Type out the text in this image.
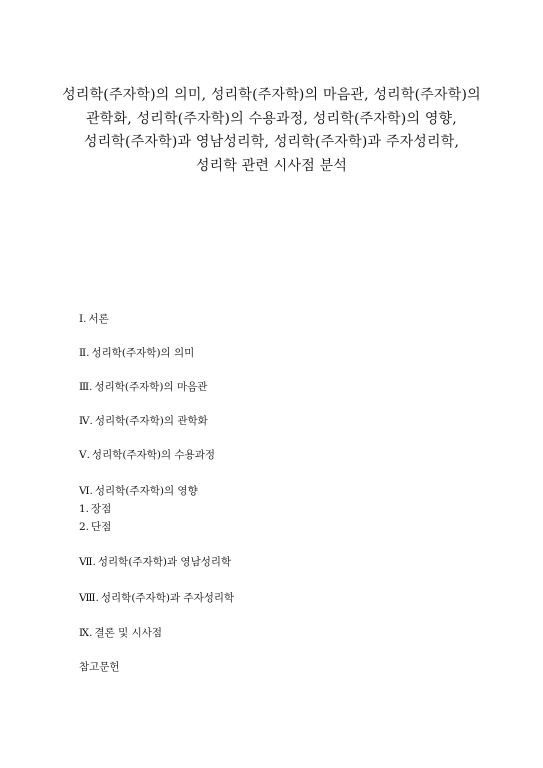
성리학(주자학)의 의미, 성리학(주자학)의 마음관, 성리학(주자학)의
관학화, 성리학(주자학)의 수용과정, 성리학(주자학)의 영향,
성리학(주자학)과 영남성리학, 성리학(주자학)과 주자성리학,
성리학 관련 시사점 분석
Ⅰ. 서론
Ⅱ. 성리학(주자학)의 의미
Ⅲ. 성리학(주자학)의 마음관
Ⅳ. 성리학(주자학)의 관학화
Ⅴ. 성리학(주자학)의 수용과정
Ⅵ. 성리학(주자학)의 영향
1. 장점
2. 단점
Ⅶ. 성리학(주자학)과 영남성리학
Ⅷ. 성리학(주자학)과 주자성리학
Ⅸ. 결론 및 시사점
참고문헌
